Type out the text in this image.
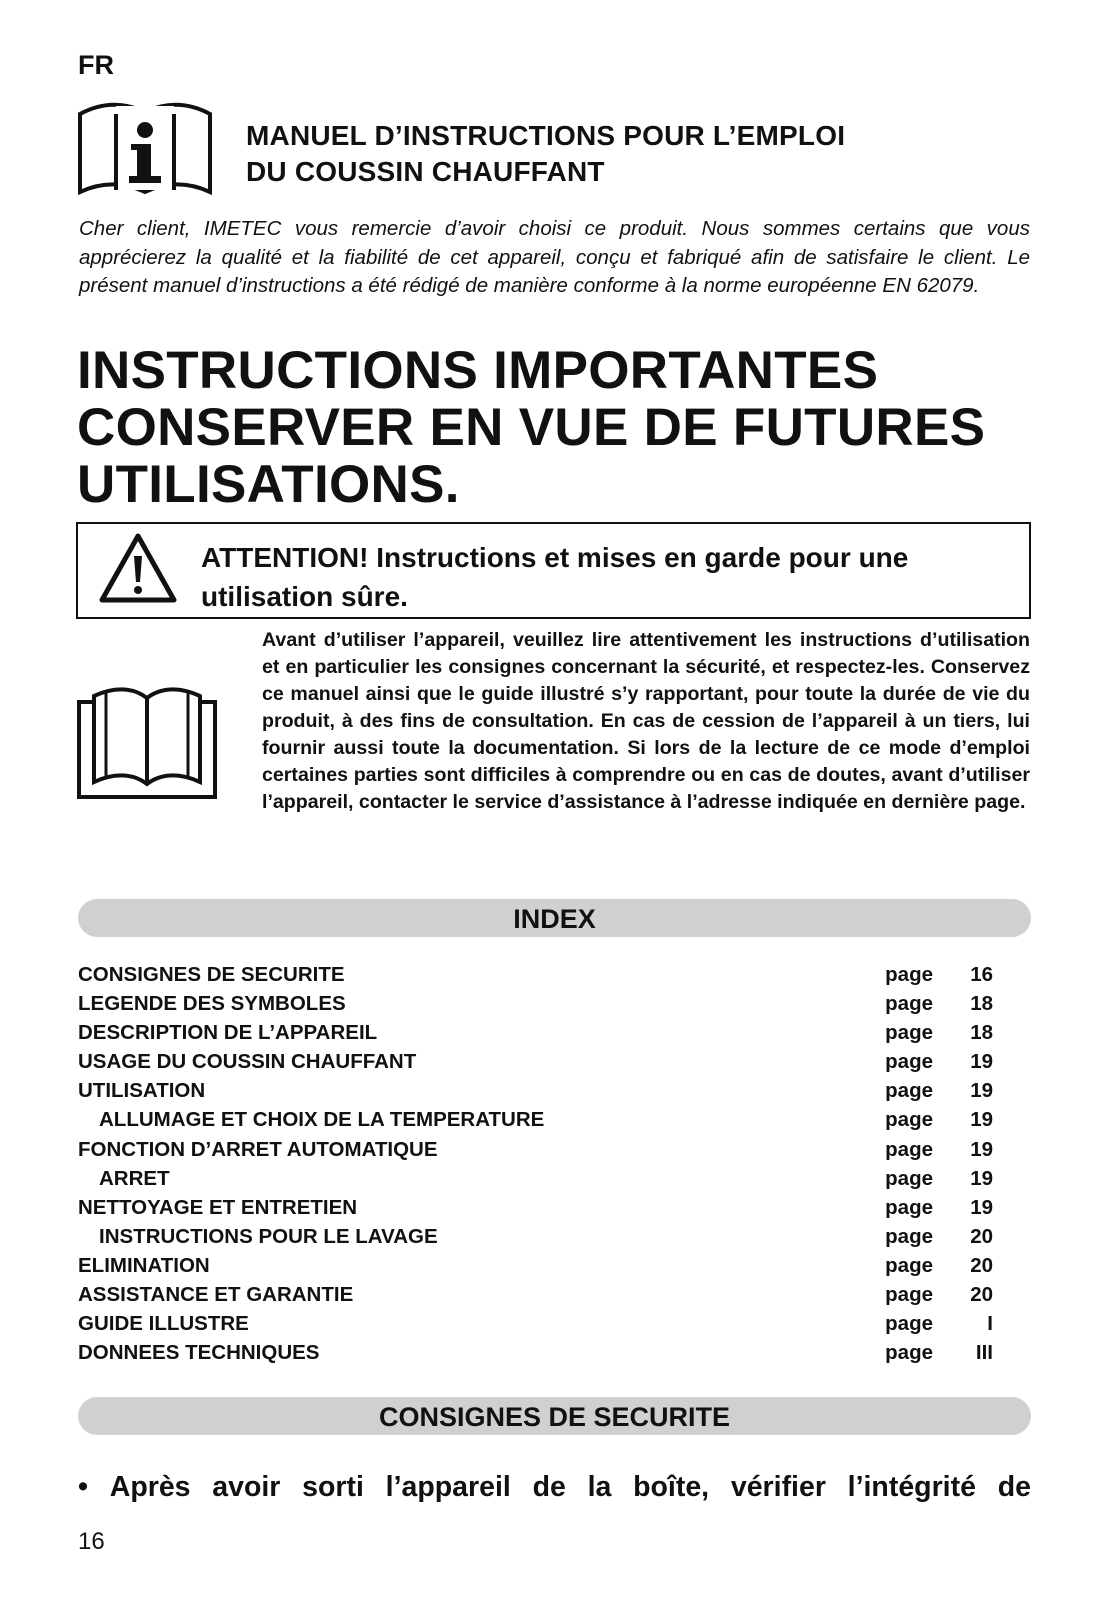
FR
MANUEL D’INSTRUCTIONS POUR L’EMPLOI
DU COUSSIN CHAUFFANT
Cher client, IMETEC vous remercie d’avoir choisi ce produit. Nous sommes certains que vous apprécierez la qualité et la fiabilité de cet appareil, conçu et fabriqué afin de satisfaire le client. Le présent manuel d’instructions a été rédigé de manière conforme à la norme européenne EN 62079.
INSTRUCTIONS IMPORTANTES
CONSERVER EN VUE DE FUTURES
UTILISATIONS.
ATTENTION! Instructions et mises en garde pour une
utilisation sûre.
Avant d’utiliser l’appareil, veuillez lire attentivement les instructions d’utilisation et en particulier les consignes concernant la sécurité, et respectez-les. Conservez ce manuel ainsi que le guide illustré s’y rapportant, pour toute la durée de vie du produit, à des fins de consultation. En cas de cession de l’appareil à un tiers, lui fournir aussi toute la documentation. Si lors de la lecture de ce mode d’emploi certaines parties sont difficiles à comprendre ou en cas de doutes, avant d’utiliser l’appareil, contacter le service d’assistance à l’adresse indiquée en dernière page.
INDEX
CONSIGNES DE SECURITE	page	16
LEGENDE DES SYMBOLES	page	18
DESCRIPTION DE L’APPAREIL	page	18
USAGE DU COUSSIN CHAUFFANT	page	19
UTILISATION	page	19
ALLUMAGE ET CHOIX DE LA TEMPERATURE	page	19
FONCTION D’ARRET AUTOMATIQUE	page	19
ARRET	page	19
NETTOYAGE ET ENTRETIEN	page	19
INSTRUCTIONS POUR LE LAVAGE	page	20
ELIMINATION	page	20
ASSISTANCE ET GARANTIE	page	20
GUIDE ILLUSTRE	page	I
DONNEES TECHNIQUES	page	III
CONSIGNES DE SECURITE
• Après avoir sorti l’appareil de la boîte, vérifier l’intégrité de
16
